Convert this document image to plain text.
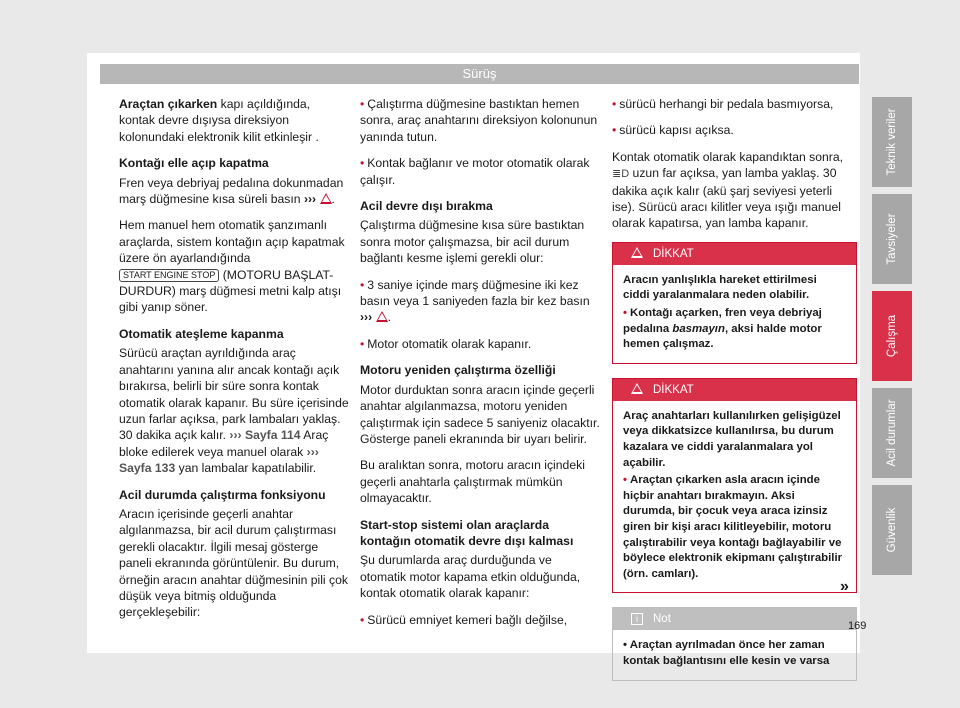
Sürüş

Araçtan çıkarken kapı açıldığında, kontak devre dışıysa direksiyon kolonundaki elektronik kilit etkinleşir .

Kontağı elle açıp kapatma

Fren veya debriyaj pedalına dokunmadan marş düğmesine kısa süreli basın ››› .

Hem manuel hem otomatik şanzımanlı araçlarda, sistem kontağın açıp kapatmak üzere ön ayarlandığında START ENGINE STOP (MOTORU BAŞLAT-DURDUR) marş düğmesi metni kalp atışı gibi yanıp söner.

Otomatik ateşleme kapanma

Sürücü araçtan ayrıldığında araç anahtarını yanına alır ancak kontağı açık bırakırsa, belirli bir süre sonra kontak otomatik olarak kapanır. Bu süre içerisinde uzun farlar açıksa, park lambaları yaklaş. 30 dakika açık kalır. ››› Sayfa 114 Araç bloke edilerek veya manuel olarak ››› Sayfa 133 yan lambalar kapatılabilir.

Acil durumda çalıştırma fonksiyonu

Aracın içerisinde geçerli anahtar algılanmazsa, bir acil durum çalıştırması gerekli olacaktır. İlgili mesaj gösterge paneli ekranında görüntülenir. Bu durum, örneğin aracın anahtar düğmesinin pili çok düşük veya bitmiş olduğunda gerçekleşebilir:

• Çalıştırma düğmesine bastıktan hemen sonra, araç anahtarını direksiyon kolonunun yanında tutun.

• Kontak bağlanır ve motor otomatik olarak çalışır.

Acil devre dışı bırakma

Çalıştırma düğmesine kısa süre bastıktan sonra motor çalışmazsa, bir acil durum bağlantı kesme işlemi gerekli olur:

• 3 saniye içinde marş düğmesine iki kez basın veya 1 saniyeden fazla bir kez basın ››› .

• Motor otomatik olarak kapanır.

Motoru yeniden çalıştırma özelliği

Motor durduktan sonra aracın içinde geçerli anahtar algılanmazsa, motoru yeniden çalıştırmak için sadece 5 saniyeniz olacaktır. Gösterge paneli ekranında bir uyarı belirir.

Bu aralıktan sonra, motoru aracın içindeki geçerli anahtarla çalıştırmak mümkün olmayacaktır.

Start-stop sistemi olan araçlarda kontağın otomatik devre dışı kalması

Şu durumlarda araç durduğunda ve otomatik motor kapama etkin olduğunda, kontak otomatik olarak kapanır:

• Sürücü emniyet kemeri bağlı değilse,

• sürücü herhangi bir pedala basmıyorsa,

• sürücü kapısı açıksa.

Kontak otomatik olarak kapandıktan sonra, ≣D uzun far açıksa, yan lamba yaklaş. 30 dakika açık kalır (akü şarj seviyesi yeterli ise). Sürücü aracı kilitler veya ışığı manuel olarak kapatırsa, yan lamba kapanır.

DİKKAT

Aracın yanlışlıkla hareket ettirilmesi ciddi yaralanmalara neden olabilir.

• Kontağı açarken, fren veya debriyaj pedalına basmayın, aksi halde motor hemen çalışmaz.

DİKKAT

Araç anahtarları kullanılırken gelişigüzel veya dikkatsizce kullanılırsa, bu durum kazalara ve ciddi yaralanmalara yol açabilir.

• Araçtan çıkarken asla aracın içinde hiçbir anahtarı bırakmayın. Aksi durumda, bir çocuk veya araca izinsiz giren bir kişi aracı kilitleyebilir, motoru çalıştırabilir veya kontağı bağlayabilir ve böylece elektronik ekipmanı çalıştırabilir (örn. camları).

i Not

• Araçtan ayrılmadan önce her zaman kontak bağlantısını elle kesin ve varsa

»
Teknik veriler
Tavsiyeler
Çalışma
Acil durumlar
Güvenlik
169
